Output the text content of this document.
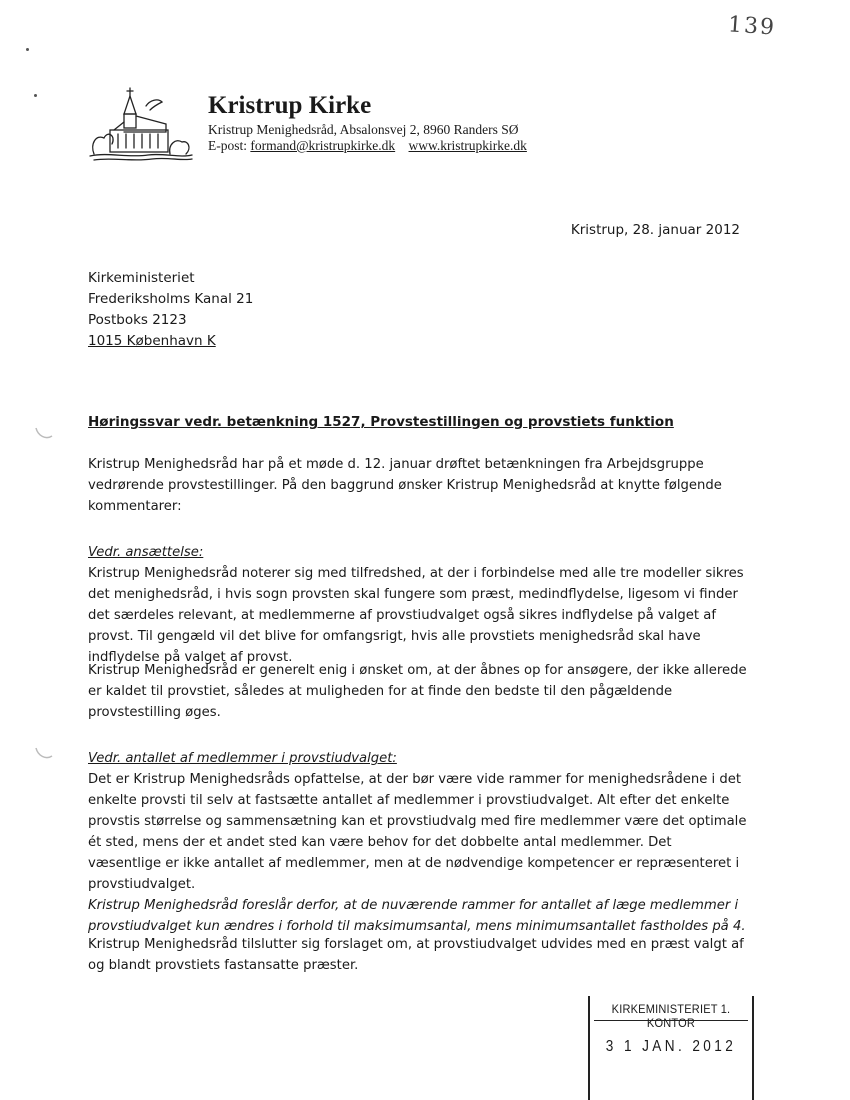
139
Kristrup Kirke
Kristrup Menighedsråd, Absalonsvej 2, 8960 Randers SØ
E-post: formand@kristrupkirke.dk www.kristrupkirke.dk
Kristrup, 28. januar 2012
Kirkeministeriet
Frederiksholms Kanal 21
Postboks 2123
1015 København K
Høringssvar vedr. betænkning 1527, Provstestillingen og provstiets funktion
Kristrup Menighedsråd har på et møde d. 12. januar drøftet betænkningen fra Arbejdsgruppe vedrørende provstestillinger. På den baggrund ønsker Kristrup Menighedsråd at knytte følgende kommentarer:
Vedr. ansættelse:
Kristrup Menighedsråd noterer sig med tilfredshed, at der i forbindelse med alle tre modeller sikres det menighedsråd, i hvis sogn provsten skal fungere som præst, medindflydelse, ligesom vi finder det særdeles relevant, at medlemmerne af provstiudvalget også sikres indflydelse på valget af provst. Til gengæld vil det blive for omfangsrigt, hvis alle provstiets menighedsråd skal have indflydelse på valget af provst.
Kristrup Menighedsråd er generelt enig i ønsket om, at der åbnes op for ansøgere, der ikke allerede er kaldet til provstiet, således at muligheden for at finde den bedste til den pågældende provstestilling øges.
Vedr. antallet af medlemmer i provstiudvalget:
Det er Kristrup Menighedsråds opfattelse, at der bør være vide rammer for menighedsrådene i det enkelte provsti til selv at fastsætte antallet af medlemmer i provstiudvalget. Alt efter det enkelte provstis størrelse og sammensætning kan et provstiudvalg med fire medlemmer være det optimale ét sted, mens der et andet sted kan være behov for det dobbelte antal medlemmer. Det væsentlige er ikke antallet af medlemmer, men at de nødvendige kompetencer er repræsenteret i provstiudvalget.
Kristrup Menighedsråd foreslår derfor, at de nuværende rammer for antallet af læge medlemmer i provstiudvalget kun ændres i forhold til maksimumsantal, mens minimumsantallet fastholdes på 4.
Kristrup Menighedsråd tilslutter sig forslaget om, at provstiudvalget udvides med en præst valgt af og blandt provstiets fastansatte præster.
KIRKEMINISTERIET 1. KONTOR
3 1 JAN. 2012
